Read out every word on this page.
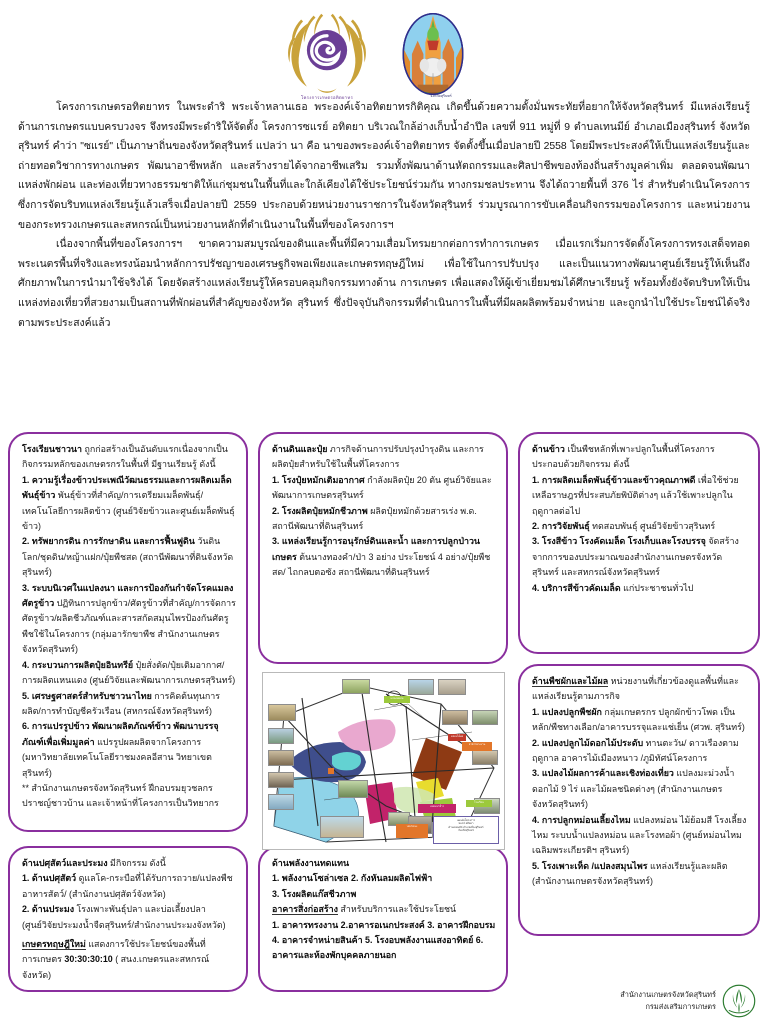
โครงการเกษตรอทิตยาทร	จังหวัดสุรินทร์

โครงการเกษตรอทิตยาทร ในพระดำริ พระเจ้าหลานเธอ พระองค์เจ้าอทิตยาทรกิติคุณ เกิดขึ้นด้วยความตั้งมั่นพระทัยที่อยากให้จังหวัดสุรินทร์ มีแหล่งเรียนรู้ด้านการเกษตรแบบครบวงจร จึงทรงมีพระดำริให้จัดตั้ง โครงการซแรย์ อทิตยา บริเวณใกล้อ่างเก็บน้ำอำปึล เลขที่ 911 หมู่ที่ 9 ตำบลเทนมีย์ อำเภอเมืองสุรินทร์ จังหวัดสุรินทร์ คำว่า "ซแรย์" เป็นภาษาถิ่นของจังหวัดสุรินทร์ แปลว่า นา คือ นาของพระองค์เจ้าอทิตยาทร จัดตั้งขึ้นเมื่อปลายปี 2558 โดยมีพระประสงค์ให้เป็นแหล่งเรียนรู้และถ่ายทอดวิชาการทางเกษตร พัฒนาอาชีพหลัก และสร้างรายได้จากอาชีพเสริม รวมทั้งพัฒนาด้านหัตถกรรมและศิลปาชีพของท้องถิ่นสร้างมูลค่าเพิ่ม ตลอดจนพัฒนาแหล่งพักผ่อน และท่องเที่ยวทางธรรมชาติให้แก่ชุมชนในพื้นที่และใกล้เคียงได้ใช้ประโยชน์ร่วมกัน ทางกรมชลประทาน จึงได้ถวายพื้นที่ 376 ไร่ สำหรับดำเนินโครงการ ซึ่งการจัดบริบทแหล่งเรียนรู้แล้วเสร็จเมื่อปลายปี 2559 ประกอบด้วยหน่วยงานราชการในจังหวัดสุรินทร์ ร่วมบูรณาการขับเคลื่อนกิจกรรมของโครงการ และหน่วยงานของกระทรวงเกษตรและสหกรณ์เป็นหน่วยงานหลักที่ดำเนินงานในพื้นที่ของโครงการฯ

เนื่องจากพื้นที่ของโครงการฯ ขาดความสมบูรณ์ของดินและพื้นที่มีความเสื่อมโทรมยากต่อการทำการเกษตร เมื่อแรกเริ่มการจัดตั้งโครงการทรงเสด็จทอดพระเนตรพื้นที่จริงและทรงน้อมนำหลักการปรัชญาของเศรษฐกิจพอเพียงและเกษตรทฤษฎีใหม่ เพื่อใช้ในการปรับปรุง และเป็นแนวทางพัฒนาศูนย์เรียนรู้ให้เห็นถึงศักยภาพในการนำมาใช้จริงได้ โดยจัดสร้างแหล่งเรียนรู้ให้ครอบคลุมกิจกรรมทางด้าน การเกษตร เพื่อแสดงให้ผู้เข้าเยี่ยมชมได้ศึกษาเรียนรู้ พร้อมทั้งยังจัดบริบทให้เป็นแหล่งท่องเที่ยวที่สวยงามเป็นสถานที่พักผ่อนที่สำคัญของจังหวัด สุรินทร์ ซึ่งปัจจุบันกิจกรรมที่ดำเนินการในพื้นที่มีผลผลิตพร้อมจำหน่าย และถูกนำไปใช้ประโยชน์ได้จริงตามพระประสงค์แล้ว

โรงเรียนชาวนา ถูกก่อสร้างเป็นอันดับแรกเนื่องจากเป็นกิจกรรมหลักของเกษตรกรในพื้นที่ มีฐานเรียนรู้ ดังนี้

1. ความรู้เรื่องข้าวประเพณีวัฒนธรรมและการผลิตเมล็ดพันธุ์ข้าว พันธุ์ข้าวที่สำคัญ/การเตรียมเมล็ดพันธุ์/เทคโนโลยีการผลิตข้าว (ศูนย์วิจัยข้าวและศูนย์เมล็ดพันธุ์ข้าว)

2. ทรัพยากรดิน การรักษาดิน และการฟื้นฟูดิน วันดินโลก/ชุดดิน/หญ้าแฝก/ปุ๋ยพืชสด (สถานีพัฒนาที่ดินจังหวัดสุรินทร์)

3. ระบบนิเวศในแปลงนา และการป้องกันกำจัดโรคแมลงศัตรูข้าว ปฏิทินการปลูกข้าว/ศัตรูข้าวที่สำคัญ/การจัดการศัตรูข้าว/ผลิตชีวภัณฑ์และสารสกัดสมุนไพรป้องกันศัตรูพืชใช้ในโครงการ (กลุ่มอารักขาพืช สำนักงานเกษตรจังหวัดสุรินทร์)

4. กระบวนการผลิตปุ๋ยอินทรีย์ ปุ๋ยสั่งตัด/ปุ๋ยเติมอากาศ/การผลิตแหนแดง (ศูนย์วิจัยและพัฒนาการเกษตรสุรินทร์)

5. เศรษฐศาสตร์สำหรับชาวนาไทย การคิดต้นทุนการผลิต/การทำบัญชีครัวเรือน (สหกรณ์จังหวัดสุรินทร์)

6. การแปรรูปข้าว พัฒนาผลิตภัณฑ์ข้าว พัฒนาบรรจุภัณฑ์เพื่อเพิ่มมูลค่า แปรรูปผลผลิตจากโครงการ (มหาวิทยาลัยเทคโนโลยีราชมงคลอีสาน วิทยาเขตสุรินทร์)

** สำนักงานเกษตรจังหวัดสุรินทร์ ฝึกอบรมยุวชลกร ปราชญ์ชาวบ้าน และเจ้าหน้าที่โครงการเป็นวิทยากร

ด้านปศุสัตว์และประมง มีกิจกรรม ดังนี้

1. ด้านปศุสัตว์ ดูแลโค-กระบือที่ได้รับการถวาย/แปลงพืชอาหารสัตว์/ (สำนักงานปศุสัตว์จังหวัด)

2. ด้านประมง โรงเพาะพันธุ์ปลา และบ่อเลี้ยงปลา (ศูนย์วิจัยประมงน้ำจืดสุรินทร์/สำนักงานประมงจังหวัด)

เกษตรทฤษฎีใหม่ แสดงการใช้ประโยชน์ของพื้นที่การเกษตร 30:30:30:10 ( สนง.เกษตรและสหกรณ์จังหวัด)

ด้านดินและปุ๋ย ภารกิจด้านการปรับปรุงบำรุงดิน และการผลิตปุ๋ยสำหรับใช้ในพื้นที่โครงการ

1. โรงปุ๋ยหมักเติมอากาศ กำลังผลิตปุ๋ย 20 ตัน ศูนย์วิจัยและพัฒนาการเกษตรสุรินทร์

2. โรงผลิตปุ๋ยหมักชีวภาพ ผลิตปุ๋ยหมักด้วยสารเร่ง พ.ด. สถานีพัฒนาที่ดินสุรินทร์

3. แหล่งเรียนรู้การอนุรักษ์ดินและน้ำ และการปลูกป่าวนเกษตร ต้นนางทองคำ/ป่า 3 อย่าง ประโยชน์ 4 อย่าง/ปุ๋ยพืชสด/ ไถกลบตอซัง สถานีพัฒนาที่ดินสุรินทร์

ด้านพลังงานทดแทน

1. พลังงานโซล่าเซล 2. กังหันลมผลิตไฟฟ้า

3. โรงผลิตแก๊สชีวภาพ

อาคารสิ่งก่อสร้าง สำหรับบริการและใช้ประโยชน์

1. อาคารทรงงาน 2.อาคารอเนกประสงค์ 3. อาคารฝึกอบรม 4. อาคารจำหน่ายสินค้า 5. โรงอบพลังงานแสงอาทิตย์ 6. อาคารและห้องพักบุคคลภายนอก

ด้านข้าว เป็นพืชหลักที่เพาะปลูกในพื้นที่โครงการ ประกอบด้วยกิจกรรม ดังนี้

1. การผลิตเมล็ดพันธุ์ข้าวและข้าวคุณภาพดี เพื่อใช้ช่วยเหลือราษฎรที่ประสบภัยพิบัติต่างๆ แล้วใช้เพาะปลูกในฤดูกาลต่อไป

2. การวิจัยพันธุ์ ทดสอบพันธุ์ ศูนย์วิจัยข้าวสุรินทร์

3. โรงสีข้าว โรงคัดเมล็ด โรงเก็บและโรงบรรจุ จัดสร้างจากการของบประมาณของสำนักงานเกษตรจังหวัดสุรินทร์ และสหกรณ์จังหวัดสุรินทร์

4. บริการสีข้าวคัดเมล็ด แก่ประชาชนทั่วไป

ด้านพืชผักและไม้ผล หน่วยงานที่เกี่ยวข้องดูแลพื้นที่และแหล่งเรียนรู้ตามภารกิจ

1. แปลงปลูกพืชผัก กลุ่มเกษตรกร ปลูกผักข้าวโพด เป็นหลัก/พืชทางเลือก/อาคารบรรจุและแช่เย็น (ศวพ. สุรินทร์)

2. แปลงปลูกไม้ดอกไม้ประดับ ทานตะวัน/ ดาวเรืองตามฤดูกาล อาคารไม้เมืองหนาว /ภูมิทัศน์โครงการ

3. แปลงไม้ผลการค้าและเชิงท่องเที่ยว แปลงมะม่วงน้ำดอกไม้ 9 ไร่ และไม้ผลชนิดต่างๆ (สำนักงานเกษตรจังหวัดสุรินทร์)

4. การปลูกหม่อนเลี้ยงไหม แปลงหม่อน ไม้ย้อมสี โรงเลี้ยงไหม ระบบน้ำแปลงหม่อน และโรงทอผ้า (ศูนย์หม่อนไหมเฉลิมพระเกียรติฯ สุรินทร์)

5. โรงเพาะเห็ด /แปลงสมุนไพร แหล่งเรียนรู้และผลิต (สำนักงานเกษตรจังหวัดสุรินทร์)

แปลงหม่อน
แปลงไม้ผล
อาคารทรงงาน
โรงเรือน
บ่อประมง
แปลงนาข้าว
แผนผังโครงการ
ซแรย์ อทิตยา
ตำบลเทนมีย์ อำเภอเมืองสุรินทร์
จังหวัดสุรินทร์
สำนักงานเกษตรจังหวัดสุรินทร์
กรมส่งเสริมการเกษตร
